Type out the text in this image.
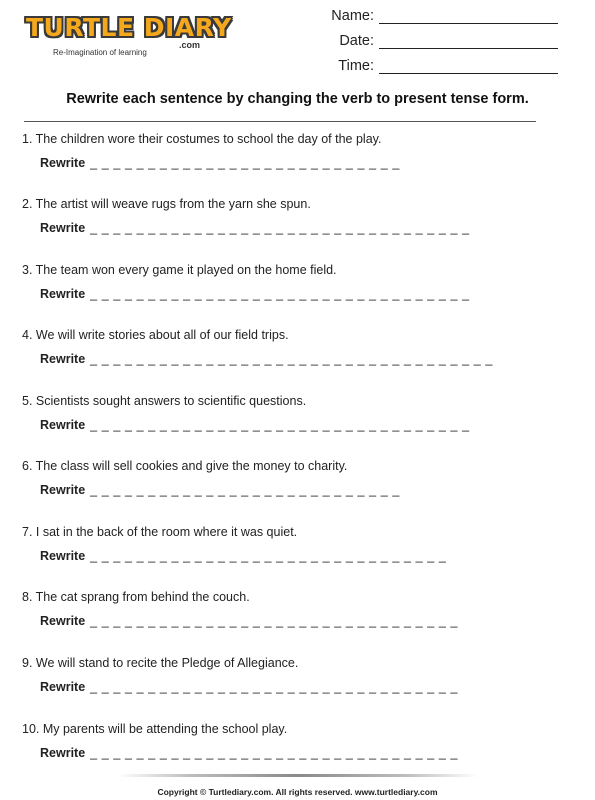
TURTLE DIARY
.com
Re-Imagination of learning
Name:
Date:
Time:
Rewrite each sentence by changing the verb to present tense form.
1. The children wore their costumes to school the day of the play.
Rewrite _ _ _ _ _ _ _ _ _ _ _ _ _ _ _ _ _ _ _ _ _ _ _ _ _ _ _
2. The artist will weave rugs from the yarn she spun.
Rewrite _ _ _ _ _ _ _ _ _ _ _ _ _ _ _ _ _ _ _ _ _ _ _ _ _ _ _ _ _ _ _ _ _
3. The team won every game it played on the home field.
Rewrite _ _ _ _ _ _ _ _ _ _ _ _ _ _ _ _ _ _ _ _ _ _ _ _ _ _ _ _ _ _ _ _ _
4. We will write stories about all of our field trips.
Rewrite _ _ _ _ _ _ _ _ _ _ _ _ _ _ _ _ _ _ _ _ _ _ _ _ _ _ _ _ _ _ _ _ _ _ _
5. Scientists sought answers to scientific questions.
Rewrite _ _ _ _ _ _ _ _ _ _ _ _ _ _ _ _ _ _ _ _ _ _ _ _ _ _ _ _ _ _ _ _ _
6. The class will sell cookies and give the money to charity.
Rewrite _ _ _ _ _ _ _ _ _ _ _ _ _ _ _ _ _ _ _ _ _ _ _ _ _ _ _
7. I sat in the back of the room where it was quiet.
Rewrite _ _ _ _ _ _ _ _ _ _ _ _ _ _ _ _ _ _ _ _ _ _ _ _ _ _ _ _ _ _ _
8. The cat sprang from behind the couch.
Rewrite _ _ _ _ _ _ _ _ _ _ _ _ _ _ _ _ _ _ _ _ _ _ _ _ _ _ _ _ _ _ _ _
9. We will stand to recite the Pledge of Allegiance.
Rewrite _ _ _ _ _ _ _ _ _ _ _ _ _ _ _ _ _ _ _ _ _ _ _ _ _ _ _ _ _ _ _ _
10. My parents will be attending the school play.
Rewrite _ _ _ _ _ _ _ _ _ _ _ _ _ _ _ _ _ _ _ _ _ _ _ _ _ _ _ _ _ _ _ _
Copyright © Turtlediary.com. All rights reserved. www.turtlediary.com
